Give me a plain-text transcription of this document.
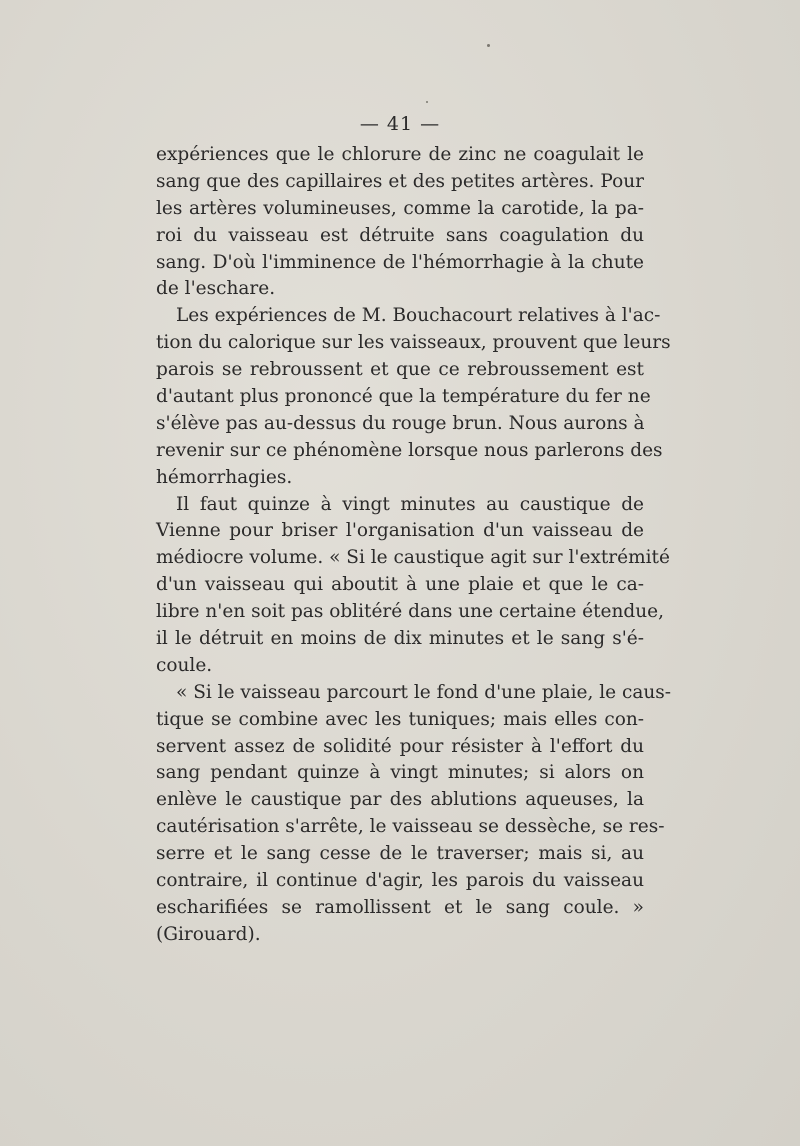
— 41 —
expériences que le chlorure de zinc ne coagulait le
sang que des capillaires et des petites artères. Pour
les artères volumineuses, comme la carotide, la pa-
roi du vaisseau est détruite sans coagulation du
sang. D'où l'imminence de l'hémorrhagie à la chute
de l'eschare.
Les expériences de M. Bouchacourt relatives à l'ac-
tion du calorique sur les vaisseaux, prouvent que leurs
parois se rebroussent et que ce rebroussement est
d'autant plus prononcé que la température du fer ne
s'élève pas au-dessus du rouge brun. Nous aurons à
revenir sur ce phénomène lorsque nous parlerons des
hémorrhagies.
Il faut quinze à vingt minutes au caustique de
Vienne pour briser l'organisation d'un vaisseau de
médiocre volume. « Si le caustique agit sur l'extrémité
d'un vaisseau qui aboutit à une plaie et que le ca-
libre n'en soit pas oblitéré dans une certaine étendue,
il le détruit en moins de dix minutes et le sang s'é-
coule.
« Si le vaisseau parcourt le fond d'une plaie, le caus-
tique se combine avec les tuniques; mais elles con-
servent assez de solidité pour résister à l'effort du
sang pendant quinze à vingt minutes; si alors on
enlève le caustique par des ablutions aqueuses, la
cautérisation s'arrête, le vaisseau se dessèche, se res-
serre et le sang cesse de le traverser; mais si, au
contraire, il continue d'agir, les parois du vaisseau
escharifiées se ramollissent et le sang coule. »
(Girouard).
